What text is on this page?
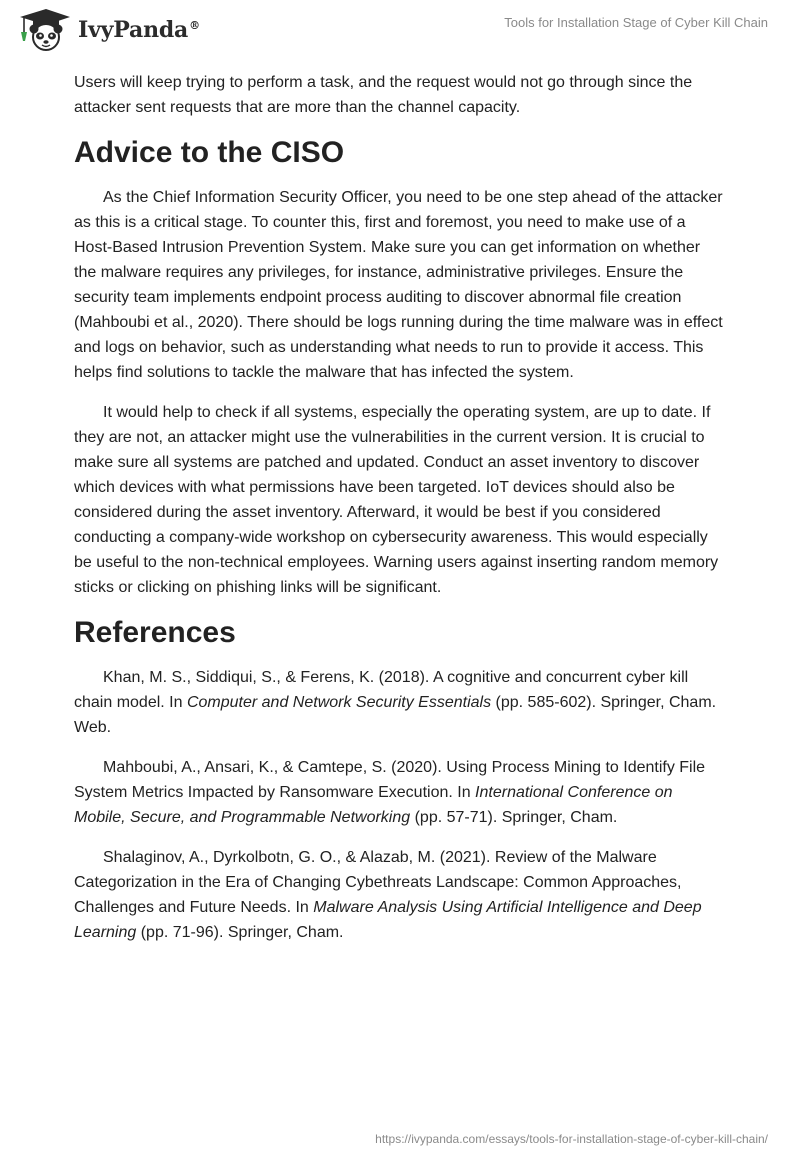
IvyPanda®	Tools for Installation Stage of Cyber Kill Chain

Users will keep trying to perform a task, and the request would not go through since the attacker sent requests that are more than the channel capacity.

Advice to the CISO

As the Chief Information Security Officer, you need to be one step ahead of the attacker as this is a critical stage. To counter this, first and foremost, you need to make use of a Host-Based Intrusion Prevention System. Make sure you can get information on whether the malware requires any privileges, for instance, administrative privileges. Ensure the security team implements endpoint process auditing to discover abnormal file creation (Mahboubi et al., 2020). There should be logs running during the time malware was in effect and logs on behavior, such as understanding what needs to run to provide it access. This helps find solutions to tackle the malware that has infected the system.

It would help to check if all systems, especially the operating system, are up to date. If they are not, an attacker might use the vulnerabilities in the current version. It is crucial to make sure all systems are patched and updated. Conduct an asset inventory to discover which devices with what permissions have been targeted. IoT devices should also be considered during the asset inventory. Afterward, it would be best if you considered conducting a company-wide workshop on cybersecurity awareness. This would especially be useful to the non-technical employees. Warning users against inserting random memory sticks or clicking on phishing links will be significant.

References

Khan, M. S., Siddiqui, S., & Ferens, K. (2018). A cognitive and concurrent cyber kill chain model. In Computer and Network Security Essentials (pp. 585-602). Springer, Cham. Web.

Mahboubi, A., Ansari, K., & Camtepe, S. (2020). Using Process Mining to Identify File System Metrics Impacted by Ransomware Execution. In International Conference on Mobile, Secure, and Programmable Networking (pp. 57-71). Springer, Cham.

Shalaginov, A., Dyrkolbotn, G. O., & Alazab, M. (2021). Review of the Malware Categorization in the Era of Changing Cybethreats Landscape: Common Approaches, Challenges and Future Needs. In Malware Analysis Using Artificial Intelligence and Deep Learning (pp. 71-96). Springer, Cham.

https://ivypanda.com/essays/tools-for-installation-stage-of-cyber-kill-chain/
